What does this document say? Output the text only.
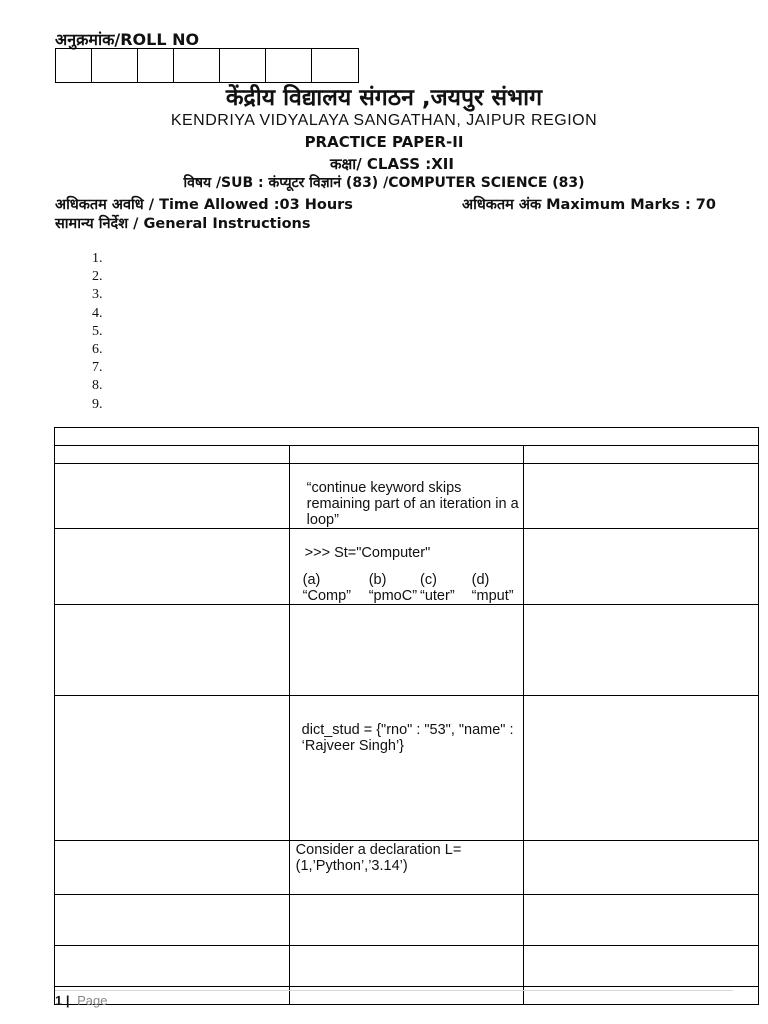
अनुक्रमांक/ROLL NO
केंद्रीय विद्यालय संगठन ,जयपुर संभाग
KENDRIYA VIDYALAYA SANGATHAN, JAIPUR REGION
PRACTICE PAPER-II
कक्षा/ CLASS :XII
विषय /SUB : कंप्यूटर विज्ञानं (83) /COMPUTER SCIENCE (83)
अधिकतम अवधि / Time Allowed :03 Hours	अधिकतम अंक Maximum Marks : 70
सामान्य निर्देश / General Instructions
1.
2.
3.
4.
5.
6.
7.
8.
9.

	“continue keyword skips remaining part of an iteration in a loop”	

	>>> St="Computer"
(a) “Comp”
(b) “pmoC”
(c) “uter”
(d) “mput”	

	dict_stud = {"rno" : "53", "name" : ‘Rajveer Singh’}	

	Consider a declaration L=(1,’Python’,’3.14’)	

1 | Page
